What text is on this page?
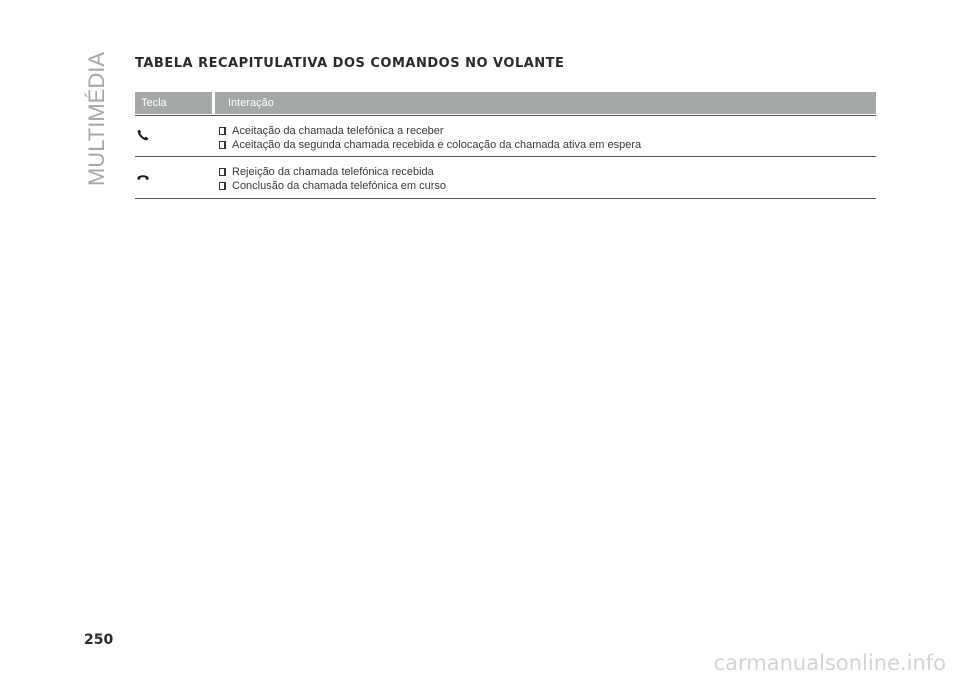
MULTIMÉDIA TABELA RECAPITULATIVA DOS COMANDOS NO VOLANTE
Tecla	Interação
Aceitação da chamada telefónica a receber
Aceitação da segunda chamada recebida e colocação da chamada ativa em espera
Rejeição da chamada telefónica recebida
Conclusão da chamada telefónica em curso

250

carmanualsonline.info
